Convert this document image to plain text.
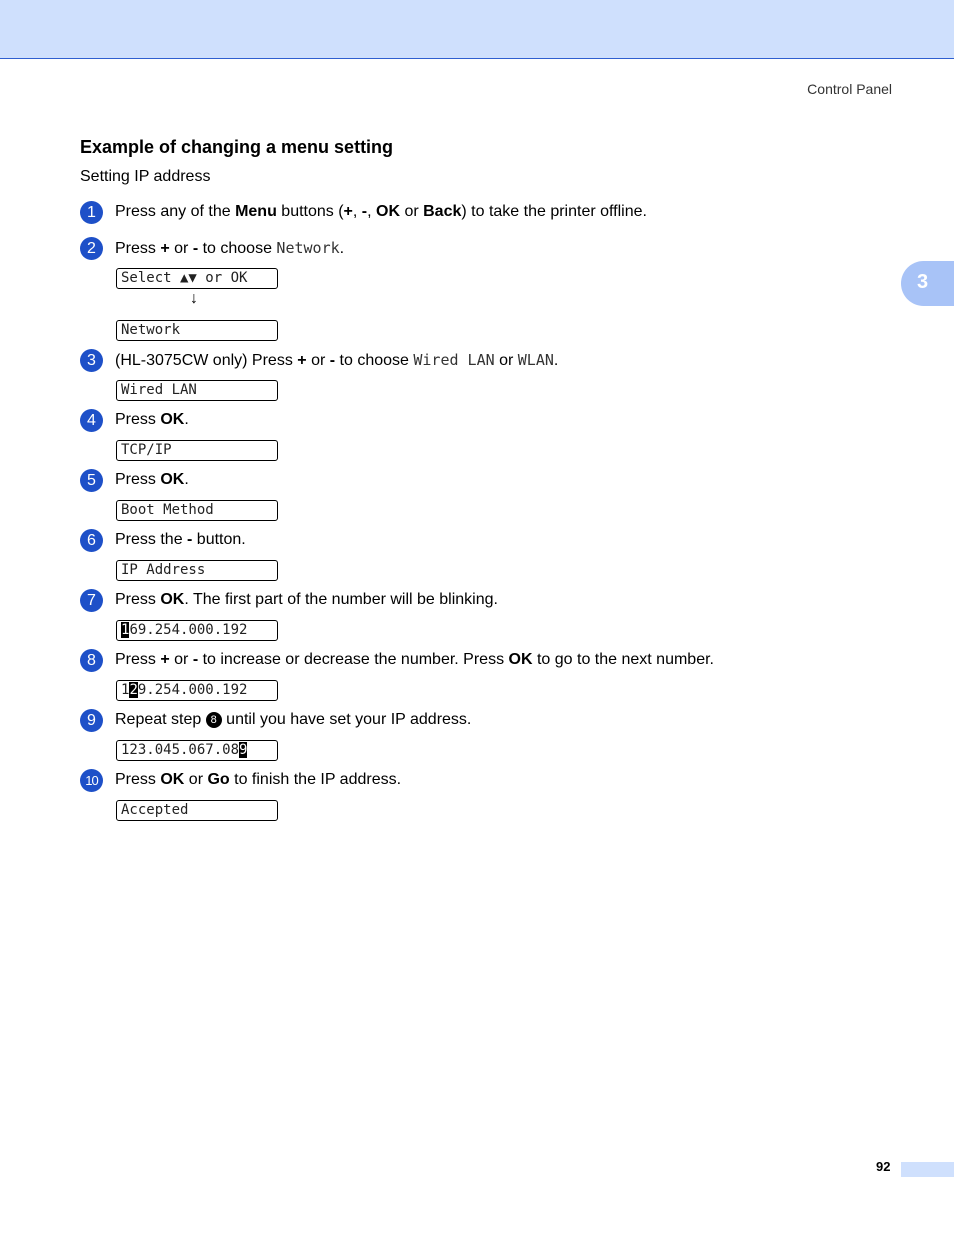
Control Panel
3
Example of changing a menu setting
Setting IP address
1	Press any of the Menu buttons (+, -, OK or Back) to take the printer offline.
2	Press + or - to choose Network.
Select ▲▼ or OK
↓
Network
3	(HL-3075CW only) Press + or - to choose Wired LAN or WLAN.
Wired LAN
4	Press OK.
TCP/IP
5	Press OK.
Boot Method
6	Press the - button.
IP Address
7	Press OK. The first part of the number will be blinking.
169.254.000.192
8	Press + or - to increase or decrease the number. Press OK to go to the next number.
129.254.000.192
9	Repeat step 8 until you have set your IP address.
123.045.067.089
10	Press OK or Go to finish the IP address.
Accepted
92
